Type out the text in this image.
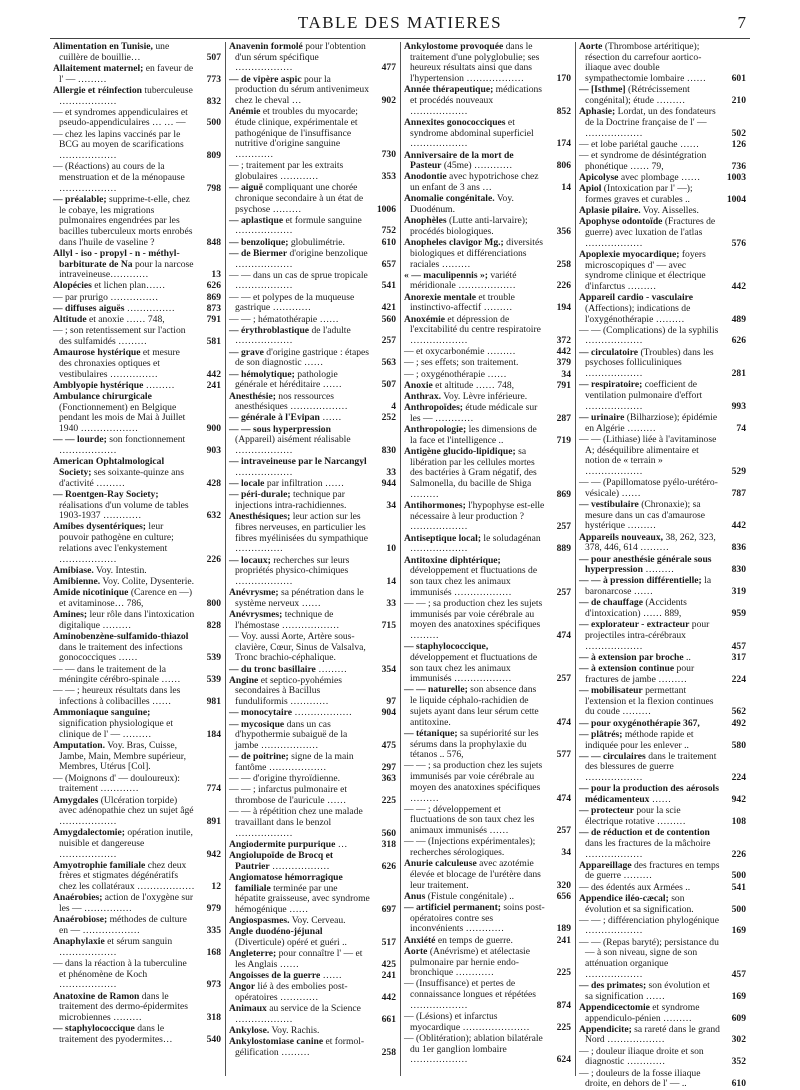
TABLE DES MATIERES	7
Alimentation en Tunisie, une cuillère de bouillie…	507
Allaitement maternel; en faveur de l' — ………	773
Allergie et réinfection tuberculeuse ………………	832
— et syndromes appendiculaires et pseudo-appendiculaires … … —	500
— chez les lapins vaccinés par le BCG au moyen de scarifications ………………	809
— (Réactions) au cours de la menstruation et de la ménopause ………………	798
— préalable; supprime-t-elle, chez le cobaye, les migrations pulmonaires engendrées par les bacilles tuberculeux morts enrobés dans l'huile de vaseline ?	848
Allyl - iso - propyl - n - méthyl-barbiturate de Na pour la narcose intraveineuse…………	13
Alopécies et lichen plan……	626
— par prurigo ……………	869
— diffuses aiguës ……………	873
Altitude et anoxie …… 748,	791
— ; son retentissement sur l'action des sulfamidés ………	581
Amaurose hystérique et mesure des chronaxies optiques et vestibulaires ……………	442
Amblyopie hystérique ………	241
Ambulance chirurgicale (Fonctionnement) en Belgique pendant les mois de Mai à Juillet 1940 ………………	900
— — lourde; son fonctionnement ………………	903
American Ophtalmological Society; ses soixante-quinze ans d'activité ………	428
— Roentgen-Ray Society; réalisations d'un volume de tables 1903-1937 …………	632
Amibes dysentériques; leur pouvoir pathogène en culture; relations avec l'enkystement ………………	226
Amibiase. Voy. Intestin.
Amibienne. Voy. Colite, Dysenterie.
Amide nicotinique (Carence en —) et avitaminose… 786,	800
Amines; leur rôle dans l'intoxication digitalique ………	828
Aminobenzène-sulfamido-thiazol dans le traitement des infections gonococciques ……	539
— — dans le traitement de la méningite cérébro-spinale ……	539
— — ; heureux résultats dans les infections à colibacilles ……	981
Ammoniaque sanguine; signification physiologique et clinique de l' — ………	184
Amputation. Voy. Bras, Cuisse, Jambe, Main, Membre supérieur, Membres, Utérus [Col].
— (Moignons d' — douloureux): traitement …………	774
Amygdales (Ulcération torpide) avec adénopathie chez un sujet âgé ………………	891
Amygdalectomie; opération inutile, nuisible et dangereuse ………………	942
Amyotrophie familiale chez deux frères et stigmates dégénératifs chez les collatéraux ………………	12
Anaérobies; action de l'oxygène sur les — ……………	979
Anaérobiose; méthodes de culture en — ………………	335
Anaphylaxie et sérum sanguin ………………	168
— dans la réaction à la tuberculine et phénomène de Koch ………………	973
Anatoxine de Ramon dans le traitement des dermo-épidermites microbiennes ………	318
— staphylococcique dans le traitement des pyodermites…	540
Anavenin formolé pour l'obtention d'un sérum spécifique ………………	477
— de vipère aspic pour la production du sérum antivenimeux chez le cheval …	902
Anémie et troubles du myocarde; étude clinique, expérimentale et pathogénique de l'insuffisance nutritive d'origine sanguine …………	730
— ; traitement par les extraits globulaires …………	353
— aiguë compliquant une chorée chronique secondaire à un état de psychose ………	1006
— aplastique et formule sanguine ………………	752
— benzolique; globulimétrie.	610
— de Biermer d'origine benzolique ………………	657
— — dans un cas de sprue tropicale ………………	541
— — et polypes de la muqueuse gastrique …………	421
— — ; hématothérapie ……	560
— érythroblastique de l'adulte ………………	257
— grave d'origine gastrique : étapes de son diagnostic ……	563
— hémolytique; pathologie générale et héréditaire ……	507
Anesthésie; nos ressources anesthésiques ………………	4
— générale à l'Evipan ……	252
— — sous hyperpression (Appareil) aisément réalisable ………………	830
— intraveineuse par le Narcangyl ………………	33
— locale par infiltration ……	944
— péri-durale; technique par injections intra-rachidiennes.	34
Anesthésiques; leur action sur les fibres nerveuses, en particulier les fibres myélinisées du sympathique ……………	10
— locaux; recherches sur leurs propriétés physico-chimiques ………………	14
Anévrysme; sa pénétration dans le système nerveux ……	33
Anévrysmes; technique de l'hémostase ………………	715
— Voy. aussi Aorte, Artère sous-clavière, Cœur, Sinus de Valsalva, Tronc brachio-céphalique.
— du tronc basillaire ………	354
Angine et septico-pyohémies secondaires à Bacillus funduliformis …………	97
— monocytaire ………………	904
— mycosique dans un cas d'hypothermie subaiguë de la jambe ………………	475
— de poitrine; signe de la main fantôme ………………	297
— — d'origine thyroïdienne.	363
— — ; infarctus pulmonaire et thrombose de l'auricule ……	225
— — à répétition chez une malade travaillant dans le benzol ………………	560
Angiodermite purpurique …	318
Angiolupoïde de Brocq et Pautrier ………………	626
Angiomatose hémorragique familiale terminée par une hépatite graisseuse, avec syndrome hémogénique ……	697
Angiospasmes. Voy. Cerveau.
Angle duodéno-jéjunal (Diverticule) opéré et guéri ..	517
Angleterre; pour connaître l' — et les Anglais ……	425
Angoisses de la guerre ……	241
Angor lié à des embolies post-opératoires …………	442
Animaux au service de la Science ………………	661
Ankylose. Voy. Rachis.
Ankylostomiase canine et formol-gélification ………	258
Ankylostome provoquée dans le traitement d'une polyglobulie; ses heureux résultats ainsi que dans l'hypertension ………………	170
Année thérapeutique; médications et procédés nouveaux ………………	852
Annexites gonococciques et syndrome abdominal superficiel ………………	174
Anniversaire de la mort de Pasteur (45me) …………	806
Anodontie avec hypotrichose chez un enfant de 3 ans …	14
Anomalie congénitale. Voy. Duodénum.
Anophèles (Lutte anti-larvaire); procédés biologiques.	356
Anopheles clavigor Mg.; diversités biologiques et différenciations raciales ………	258
« — maculipennis »; variété méridionale ………………	226
Anorexie mentale et trouble instinctivo-affectif ………	194
Anoxémie et dépression de l'excitabilité du centre respiratoire ………………	372
— et oxycarbonémie ………	442
— ; ses effets; son traitement.	379
— ; oxygénothérapie ……	34
Anoxie et altitude …… 748,	791
Anthrax. Voy. Lèvre inférieure.
Anthropoïdes; étude médicale sur les — …………	287
Anthropologie; les dimensions de la face et l'intelligence ..	719
Antigène glucido-lipidique; sa libération par les cellules mortes des bactéries à Gram négatif, des Salmonella, du bacille de Shiga ………	869
Antihormones; l'hypophyse est-elle nécessaire à leur production ? ………………	257
Antiseptique local; le soludagénan ………………	889
Antitoxine diphtérique; développement et fluctuations de son taux chez les animaux immunisés ………………	257
— — ; sa production chez les sujets immunisés par voie cérébrale au moyen des anatoxines spécifiques ………	474
— staphylococcique, développement et fluctuations de son taux chez les animaux immunisés ………………	257
— — naturelle; son absence dans le liquide céphalo-rachidien de sujets ayant dans leur sérum cette antitoxine.	474
— tétanique; sa supériorité sur les sérums dans la prophylaxie du tétanos .. 576,	577
— — ; sa production chez les sujets immunisés par voie cérébrale au moyen des anatoxines spécifiques ………	474
— — ; développement et fluctuations de son taux chez les animaux immunisés ……	257
— — (Injections expérimentales); recherches sérologiques.	34
Anurie calculeuse avec azotémie élevée et blocage de l'urétère dans leur traitement.	320
Anus (Fistule congénitale) ..	656
— artificiel permanent; soins post-opératoires contre ses inconvénients …………	189
Anxiété en temps de guerre.	241
Aorte (Anévrisme) et atélectasie pulmonaire par hernie endo-bronchique …………	225
— (Insuffisance) et pertes de connaissance longues et répétées ………………	874
— (Lésions) et infarctus myocardique …………………	225
— (Oblitération); ablation bilatérale du 1er ganglion lombaire ………………	624
Aorte (Thrombose artéritique); résection du carrefour aortico-iliaque avec double sympathectomie lombaire ……	601
— [Isthme] (Rétrécissement congénital); étude ………	210
Aphasie; Lordat, un des fondateurs de la Doctrine française de l' — ………………	502
— et lobe pariétal gauche ……	126
— et syndrome de désintégration phonétique …… 79,	736
Apicolyse avec plombage ……	1003
Apiol (Intoxication par l' —); formes graves et curables ..	1004
Aplasie pilaire. Voy. Aisselles.
Apophyse odontoïde (Fractures de guerre) avec luxation de l'atlas ………………	576
Apoplexie myocardique; foyers microscopiques d' — avec syndrome clinique et électrique d'infarctus ………	442
Appareil cardio - vasculaire (Affections); indications de l'oxygénothérapie ………	489
— — (Complications) de la syphilis ………………	626
— circulatoire (Troubles) dans les psychoses folliculiniques ………………	281
— respiratoire; coefficient de ventilation pulmonaire d'effort ………………	993
— urinaire (Bilharziose); épidémie en Algérie ………	74
— — (Lithiase) liée à l'avitaminose A; déséquilibre alimentaire et notion de « terrain » ………………	529
— — (Papillomatose pyélo-urétéro-vésicale) ……	787
— vestibulaire (Chronaxie); sa mesure dans un cas d'amaurose hystérique ………	442
Appareils nouveaux, 38, 262, 323, 378, 446, 614 ………	836
— pour anesthésie générale sous hyperpression ………	830
— — à pression différentielle; la baronarcose ……	319
— de chauffage (Accidents d'intoxication) …… 889,	959
— explorateur - extracteur pour projectiles intra-cérébraux ………………	457
— à extension par broche ..	317
— à extension continue pour fractures de jambe ………	224
— mobilisateur permettant l'extension et la flexion continues du coude ………	562
— pour oxygénothérapie 367,	492
— plâtrés; méthode rapide et indiquée pour les enlever ..	580
— — circulaires dans le traitement des blessures de guerre ………………	224
— pour la production des aérosols médicamenteux ……	942
— protecteur pour la scie électrique rotative ………	108
— de réduction et de contention dans les fractures de la mâchoire ………………	226
Appareillage des fractures en temps de guerre ………	500
— des édentés aux Armées ..	541
Appendice iléo-cæcal; son évolution et sa signification.	500
— — ; différenciation phylogénique ………………	169
— — (Repas baryté); persistance du — à son niveau, signe de son atténuation organique ………………	457
— des primates; son évolution et sa signification ……	169
Appendicectomie et syndrome appendiculo-pénien ………	609
Appendicite; sa rareté dans le grand Nord ………………	302
— ; douleur iliaque droite et son diagnostic …………	352
— ; douleurs de la fosse iliaque droite, en dehors de l' — ..	610
